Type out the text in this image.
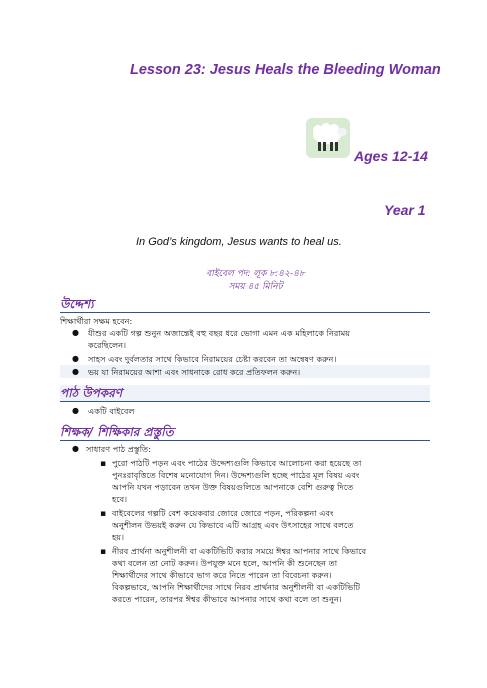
Lesson 23: Jesus Heals the Bleeding Woman
Ages 12-14
Year 1
In God’s kingdom, Jesus wants to heal us.
বাইবেল পদ: লূক ৮:৪২-৪৮
সময় ৪৫ মিনিট
উদ্দেশ্য
শিক্ষার্থীরা সক্ষম হবেন:
● যীশুর একটি গল্প শুনুন অজান্তেই বহু বছর ধরে ভোগা এমন এক মহিলাকে নিরাময়
করেছিলেন।
● সাহস এবং দুর্বলতার সাথে কিভাবে নিরাময়ের চেষ্টা করবেন তা অন্বেষণ করুন।
● ভয় যা নিরাময়ের আশা এবং সাধনাকে রোধ করে প্রতিফলন করুন।
পাঠ উপকরণ
● একটি বাইবেল
শিক্ষক/ শিক্ষিকার প্রস্তুতি
● সাধারণ পাঠ প্রস্তুতি:
▪ পুরো পাঠটি পড়ন এবং পাঠের উদ্দেশ্যগুলি কিভাবে আলোচনা করা হয়েছে তা
পুনঃরাবৃত্তিতে বিশেষ মনোযোগ দিন। উদ্দেশ্যগুলি হচ্ছে পাঠের মূল বিষয় এবং
আপনি যখন পড়াবেন তখন উক্ত বিষয়গুলিতে আপনাকে বেশি গুরুত্ব দিতে
হবে।
▪ বাইবেলের গল্পটি বেশ কয়েকবার জোরে জোরে পড়ন, পরিকল্পনা এবং
অনুশীলন উভয়ই করুন যে কিভাবে এটি আগ্রহ এবং উৎসাহের সাথে বলতে
হয়।
▪ নীরব প্রার্থনা অনুশীলনী বা একটিভিটি করার সময়ে ঈশ্বর আপনার সাথে কিভাবে
কথা বলেন তা নোট করুন। উপযুক্ত মনে হলে, আপনি কী শুনেছেন তা
শিক্ষার্থীদের সাথে কীভাবে ভাগ করে নিতে পারেন তা বিবেচনা করুন।
বিকল্পভাবে, আপনি শিক্ষার্থীদের সাথে নিরব প্রার্থনার অনুশীলনী বা একটিভিটি
করতে পারেন, তারপর ঈশ্বর কীভাবে আপনার সাথে কথা বলে তা শুনুন।
